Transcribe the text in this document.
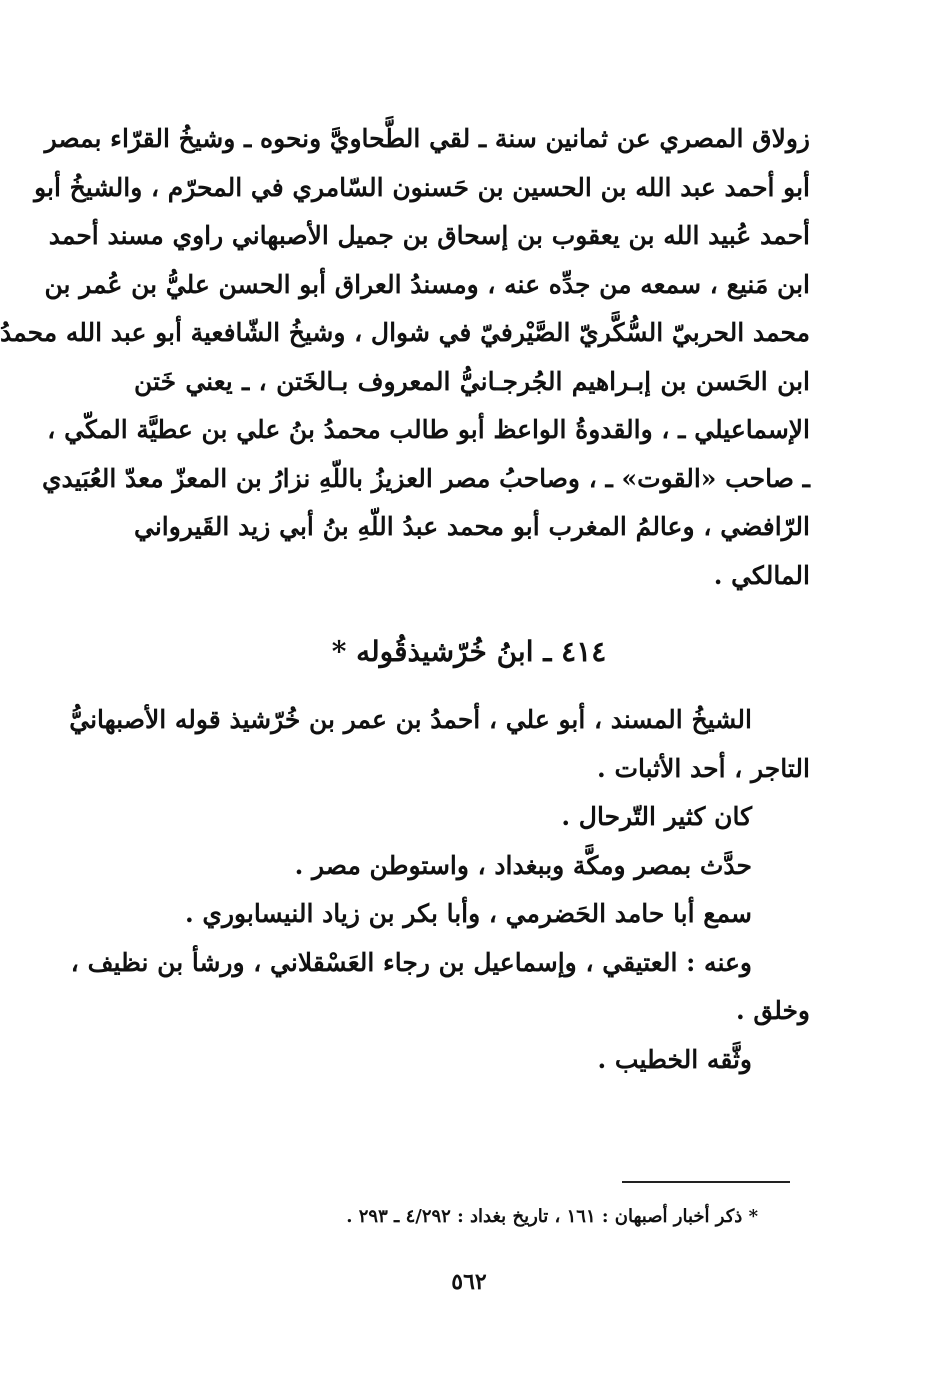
زولاق المصري عن ثمانين سنة ـ لقي الطَّحاويَّ ونحوه ـ وشيخُ القرّاء بمصر
أبو أحمد عبد الله بن الحسين بن حَسنون السّامري في المحرّم ، والشيخُ أبو
أحمد عُبيد الله بن يعقوب بن إسحاق بن جميل الأصبهاني راوي مسند أحمد
ابن مَنيع ، سمعه من جدِّه عنه ، ومسندُ العراق أبو الحسن عليُّ بن عُمر بن
محمد الحربيّ السُّكَّريّ الصَّيْرفيّ في شوال ، وشيخُ الشّافعية أبو عبد الله محمدُ
ابن الحَسن بن إبـراهيم الجُرجـانيُّ المعروف بـالخَتن ، ـ يعني خَتن
الإسماعيلي ـ ، والقدوةُ الواعظ أبو طالب محمدُ بنُ علي بن عطيَّة المكّي ،
ـ صاحب «القوت» ـ ، وصاحبُ مصر العزيزُ باللّهِ نزارُ بن المعزّ معدّ العُبَيدي
الرّافضي ، وعالمُ المغرب أبو محمد عبدُ اللّهِ بنُ أبي زيد القَيرواني
المالكي .
٤١٤ ـ ابنُ خُرّشيذقُوله *
الشيخُ المسند ، أبو علي ، أحمدُ بن عمر بن خُرّشيذ قوله الأصبهانيُّ
التاجر ، أحد الأثبات .
كان كثير التّرحال .
حدَّث بمصر ومكَّة وببغداد ، واستوطن مصر .
سمع أبا حامد الحَضرمي ، وأبا بكر بن زياد النيسابوري .
وعنه : العتيقي ، وإسماعيل بن رجاء العَسْقلاني ، ورشأ بن نظيف ،
وخلق .
وثَّقه الخطيب .
* ذكر أخبار أصبهان : ١٦١ ، تاريخ بغداد : ٤/٢٩٢ ـ ٢٩٣ .
٥٦٢
